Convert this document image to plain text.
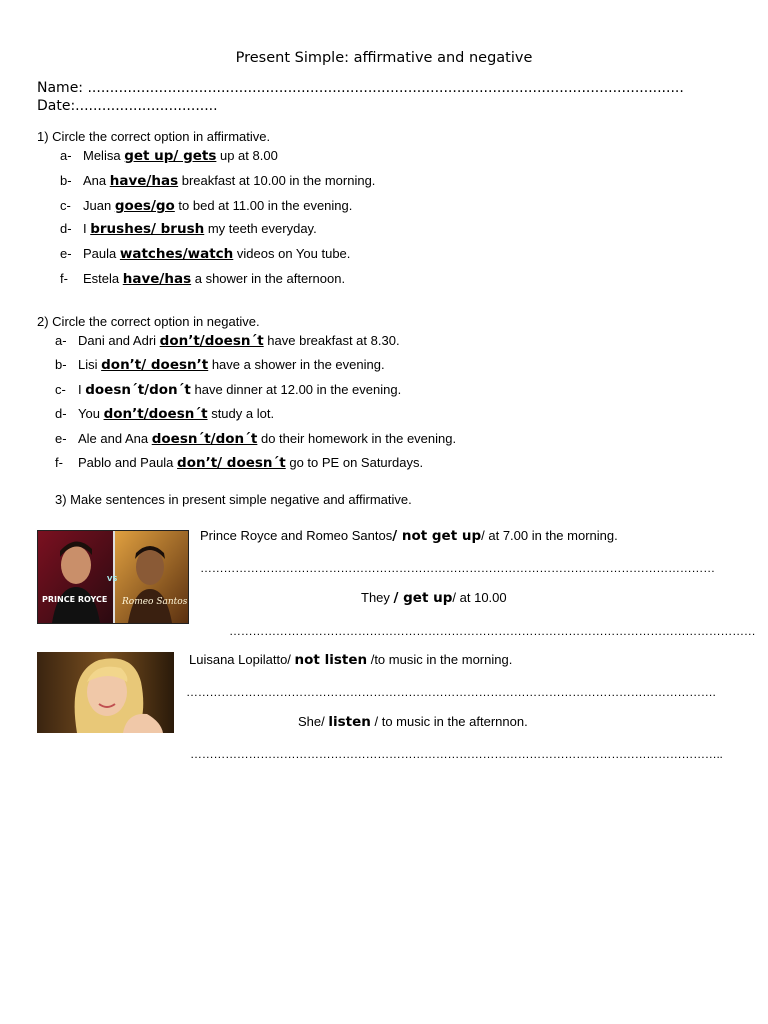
Present Simple: affirmative and negative
Name: ......................................................................................................................................
Date:................................
1) Circle the correct option in affirmative.
a- Melisa get up/ gets up at 8.00
b- Ana have/has breakfast at 10.00 in the morning.
c- Juan goes/go to bed at 11.00 in the evening.
d- I brushes/ brush my teeth everyday.
e- Paula watches/watch videos on You tube.
f- Estela have/has a shower in the afternoon.
2) Circle the correct option in negative.
a- Dani and Adri don’t/doesn´t have breakfast at 8.30.
b- Lisi don’t/ doesn’t have a shower in the evening.
c- I doesn´t/don´t have dinner at 12.00 in the evening.
d- You don’t/doesn´t study a lot.
e- Ale and Ana doesn´t/don´t do their homework in the evening.
f- Pablo and Paula don’t/ doesn´t go to PE on Saturdays.
3) Make sentences in present simple negative and affirmative.
PRINCE ROYCE
VS
Romeo Santos
Prince Royce and Romeo Santos/ not get up/ at 7.00 in the morning.
……………………………………………………………………………………………………………………
They / get up/ at 10.00
………………………………………………………………………………………………………………………
Luisana Lopilatto/ not listen /to music in the morning.
……………………………………………………………………………………………………………………….
She/ listen / to music in the afternnon.
………………………………………………………………………………………………………………………..
